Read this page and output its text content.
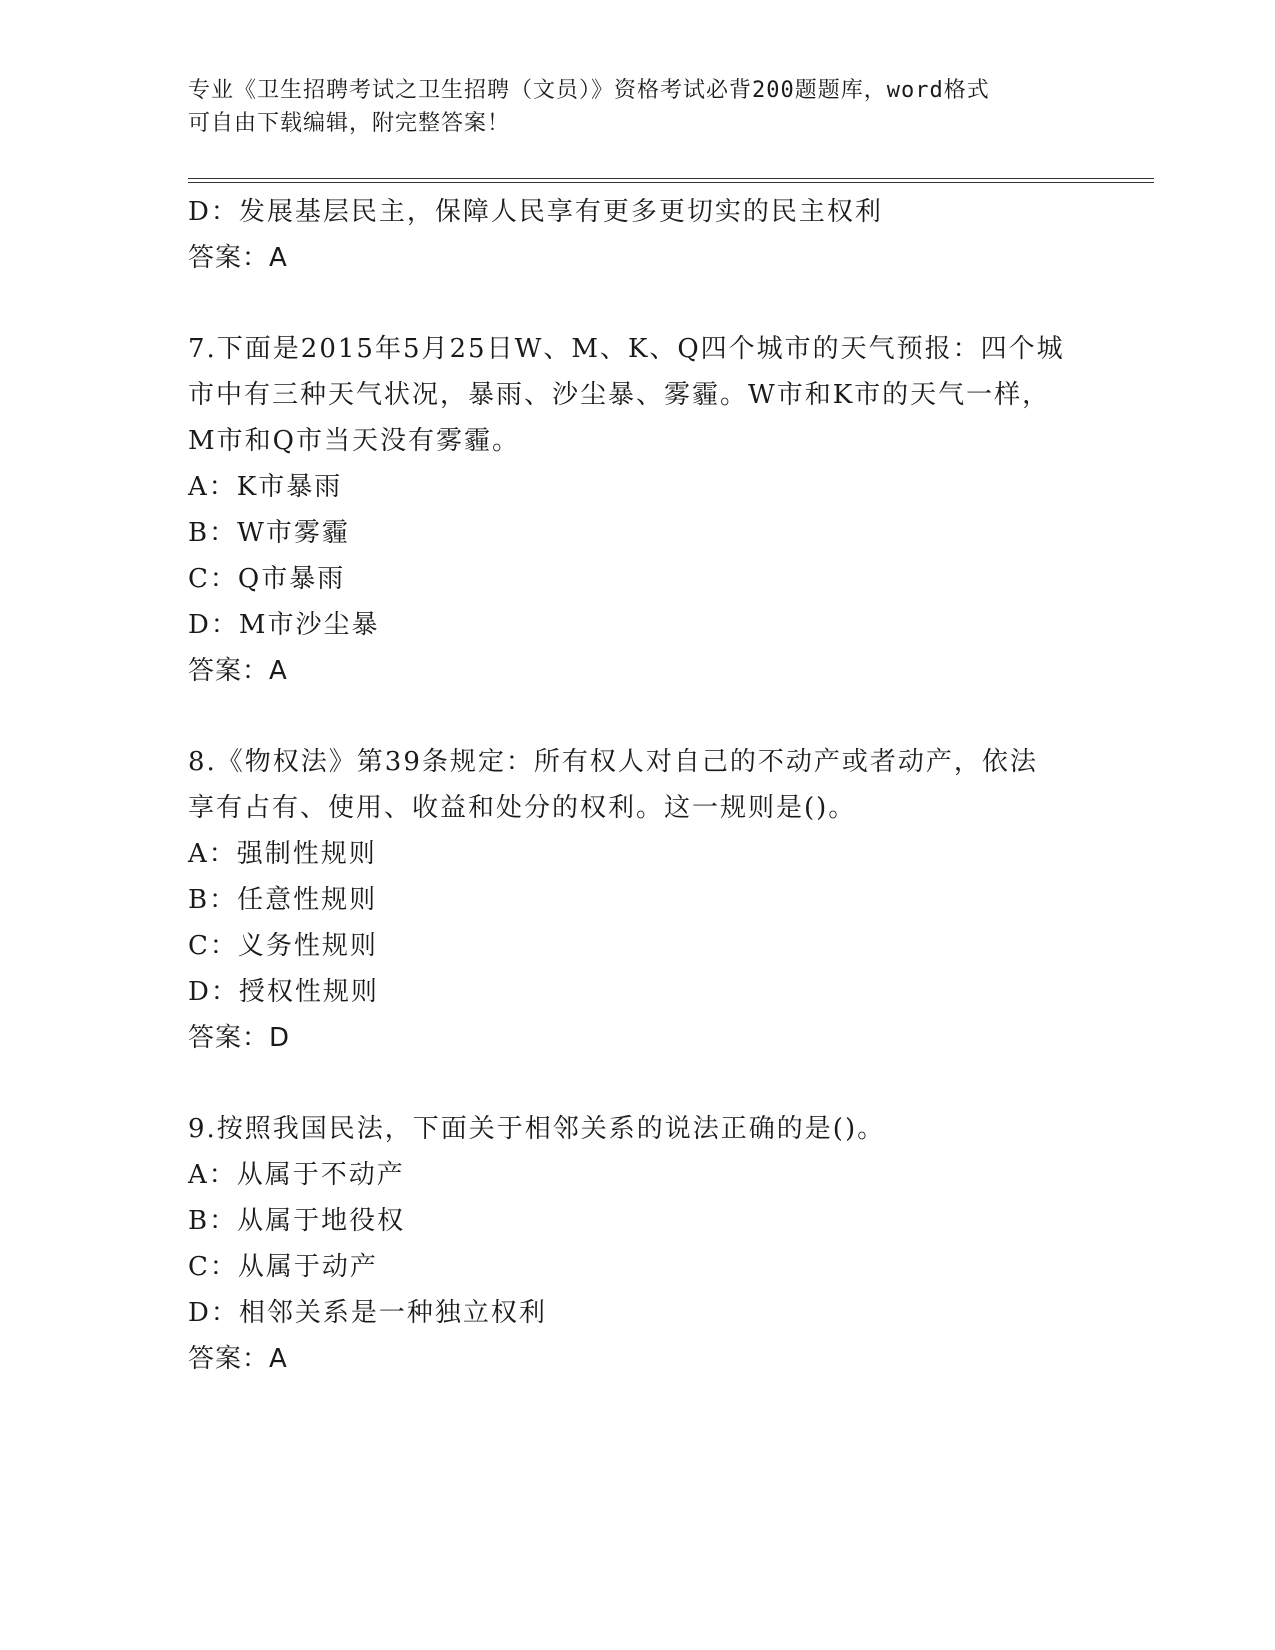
专业《卫生招聘考试之卫生招聘（文员）》资格考试必背200题题库，word格式
可自由下载编辑，附完整答案！
D：发展基层民主，保障人民享有更多更切实的民主权利
答案：A
7.下面是2015年5月25日W、M、K、Q四个城市的天气预报：四个城
市中有三种天气状况，暴雨、沙尘暴、雾霾。W市和K市的天气一样，
M市和Q市当天没有雾霾。
A：K市暴雨
B：W市雾霾
C：Q市暴雨
D：M市沙尘暴
答案：A
8.《物权法》第39条规定：所有权人对自己的不动产或者动产，依法
享有占有、使用、收益和处分的权利。这一规则是()。
A：强制性规则
B：任意性规则
C：义务性规则
D：授权性规则
答案：D
9.按照我国民法，下面关于相邻关系的说法正确的是()。
A：从属于不动产
B：从属于地役权
C：从属于动产
D：相邻关系是一种独立权利
答案：A
